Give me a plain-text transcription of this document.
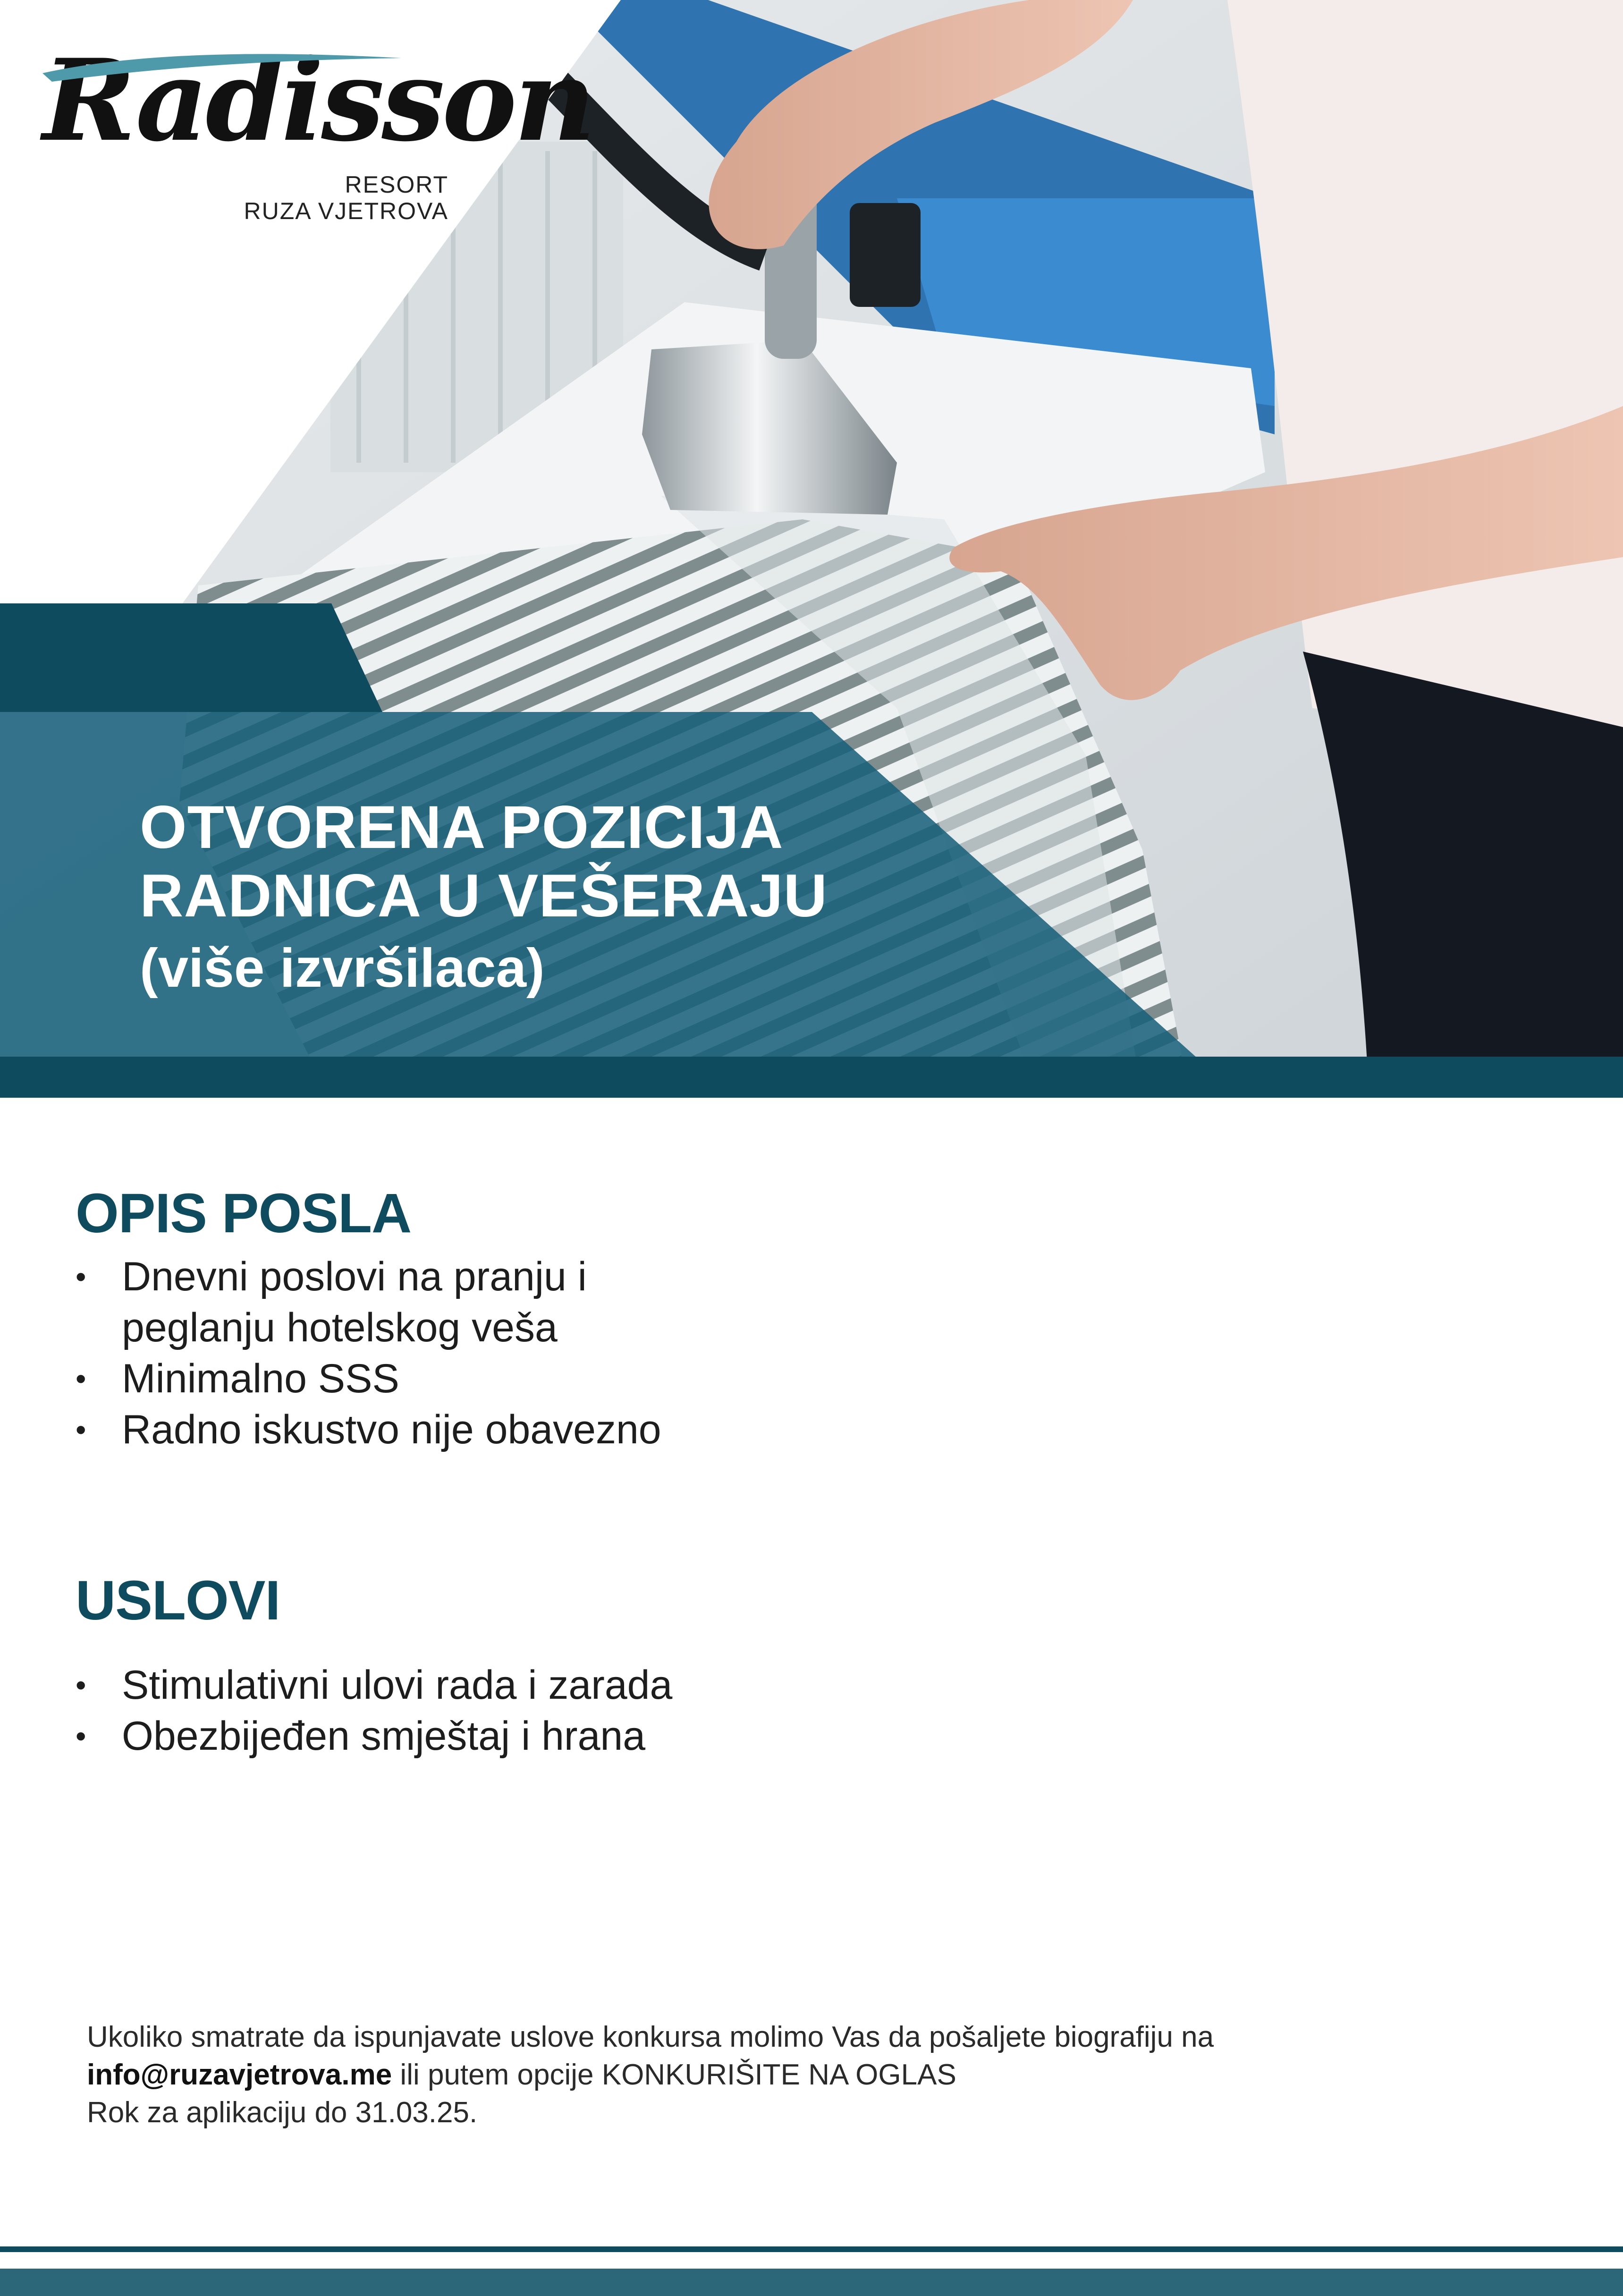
Radisson
RESORT
RUZA VJETROVA
OTVORENA POZICIJA
RADNICA U VEŠERAJU
(više izvršilaca)
OPIS POSLA
• Dnevni poslovi na pranju i
peglanju hotelskog veša
• Minimalno SSS
• Radno iskustvo nije obavezno
USLOVI
• Stimulativni ulovi rada i zarada
• Obezbijeđen smještaj i hrana
Ukoliko smatrate da ispunjavate uslove konkursa molimo Vas da pošaljete biografiju na
info@ruzavjetrova.me ili putem opcije KONKURIŠITE NA OGLAS
Rok za aplikaciju do 31.03.25.
